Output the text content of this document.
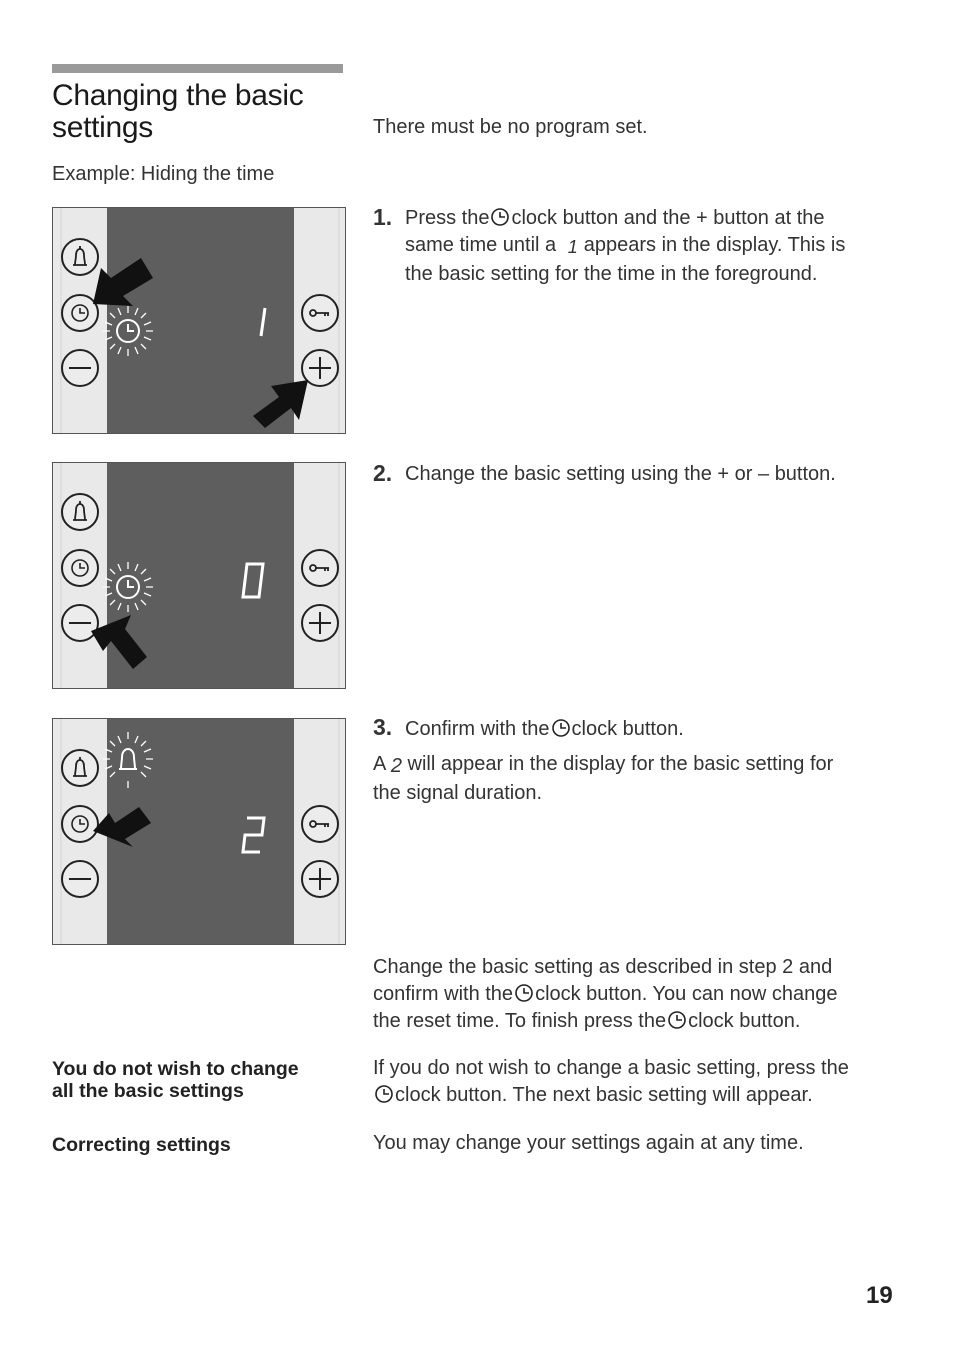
Changing the basic
settings
Example: Hiding the time
There must be no program set.
1. Press the clock button and the + button at the
same time until a 1 appears in the display. This is
the basic setting for the time in the foreground.
2. Change the basic setting using the + or – button.
3. Confirm with the clock button.
A 2 will appear in the display for the basic setting for
the signal duration.
Change the basic setting as described in step 2 and
confirm with the clock button. You can now change
the reset time. To finish press the clock button.
You do not wish to change
all the basic settings
If you do not wish to change a basic setting, press the
clock button. The next basic setting will appear.
Correcting settings	You may change your settings again at any time.
19
